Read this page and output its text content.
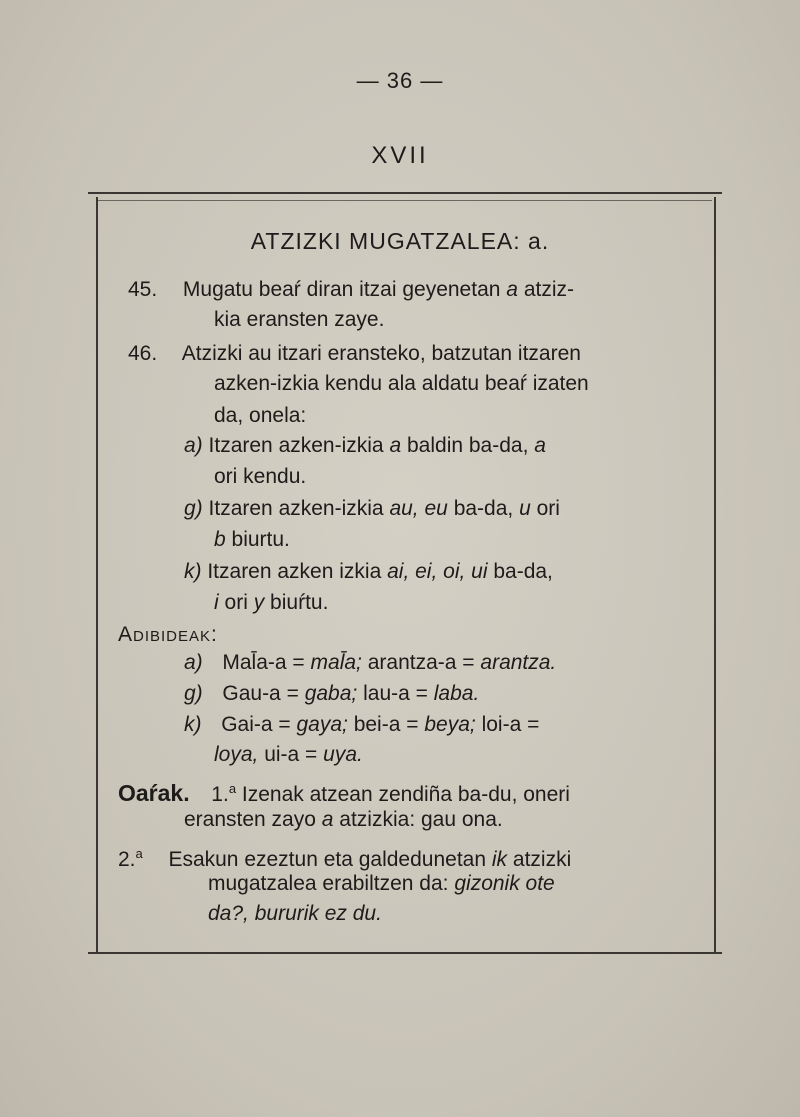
— 36 —
XVII
ATZIZKI MUGATZALEA: a.
45. Mugatu beaŕ diran itzai geyenetan a atziz-
kia eransten zaye.
46. Atzizki au itzari eransteko, batzutan itzaren
azken-izkia kendu ala aldatu beaŕ izaten
da, onela:
a) Itzaren azken-izkia a baldin ba-da, a
ori kendu.
g) Itzaren azken-izkia au, eu ba-da, u ori
b biurtu.
k) Itzaren azken izkia ai, ei, oi, ui ba-da,
i ori y biuŕtu.
Adibideak:
a) Mal̄a-a = mal̄a; arantza-a = arantza.
g) Gau-a = gaba; lau-a = laba.
k) Gai-a = gaya; bei-a = beya; loi-a =
loya, ui-a = uya.
Oaŕak. 1.$^a$ Izenak atzean zendiña ba-du, oneri
eransten zayo a atzizkia: gau ona.
2.$^a$ Esakun ezeztun eta galdedunetan ik atzizki
mugatzalea erabiltzen da: gizonik ote
da?, bururik ez du.
